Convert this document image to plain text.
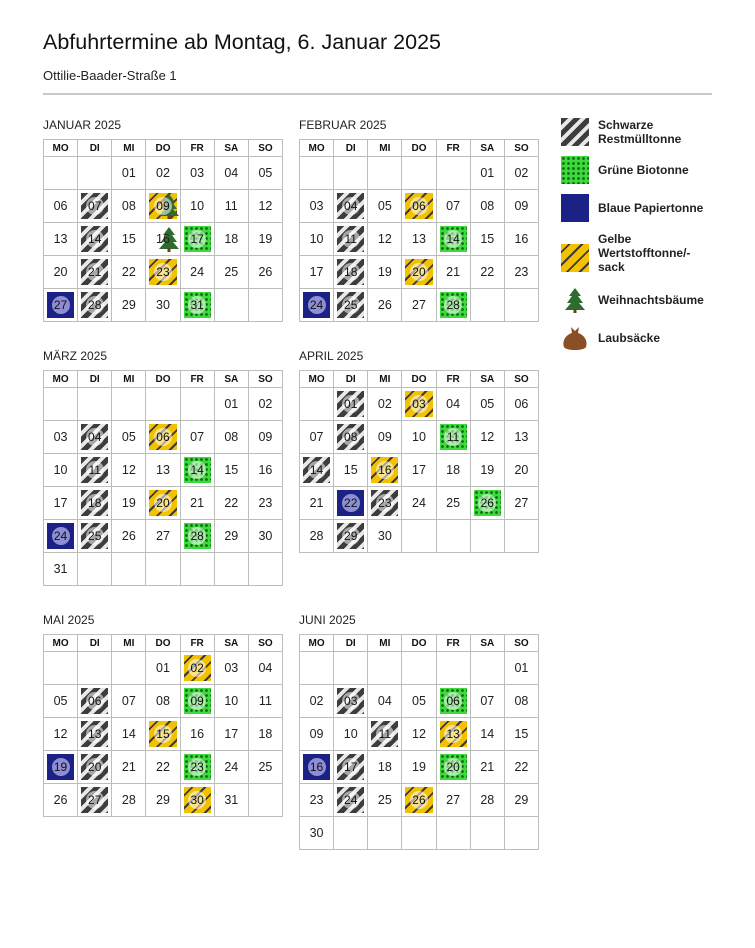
Abfuhrtermine ab Montag, 6. Januar 2025
Ottilie-Baader-Straße 1
JANUAR 2025
MO	DI	MI	DO	FR	SA	SO

		01	02	03	04	05

06	07	08	09	10	11	12

13	14	15	16	17	18	19

20	21	22	23	24	25	26

27	28	29	30	31		

FEBRUAR 2025
MO	DI	MI	DO	FR	SA	SO

					01	02

03	04	05	06	07	08	09

10	11	12	13	14	15	16

17	18	19	20	21	22	23

24	25	26	27	28		

MÄRZ 2025
MO	DI	MI	DO	FR	SA	SO

					01	02

03	04	05	06	07	08	09

10	11	12	13	14	15	16

17	18	19	20	21	22	23

24	25	26	27	28	29	30

31						

APRIL 2025
MO	DI	MI	DO	FR	SA	SO

	01	02	03	04	05	06

07	08	09	10	11	12	13

14	15	16	17	18	19	20

21	22	23	24	25	26	27

28	29	30				

MAI 2025
MO	DI	MI	DO	FR	SA	SO

			01	02	03	04

05	06	07	08	09	10	11

12	13	14	15	16	17	18

19	20	21	22	23	24	25

26	27	28	29	30	31	

JUNI 2025
MO	DI	MI	DO	FR	SA	SO

						01

02	03	04	05	06	07	08

09	10	11	12	13	14	15

16	17	18	19	20	21	22

23	24	25	26	27	28	29

30						

Schwarze
Restmülltonne
Grüne Biotonne
Blaue Papiertonne
Gelbe
Wertstofftonne/-
sack
Weihnachtsbäume
Laubsäcke
